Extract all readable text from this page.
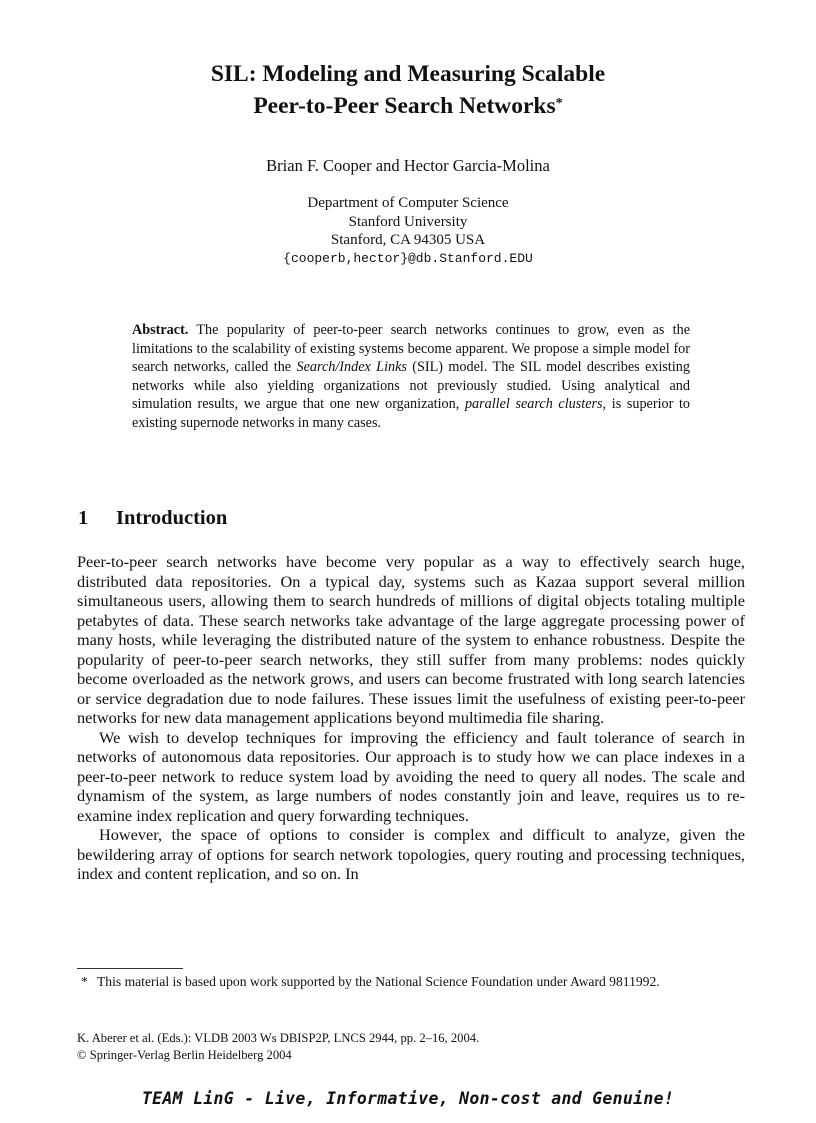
SIL: Modeling and Measuring Scalable
Peer-to-Peer Search Networks*
Brian F. Cooper and Hector Garcia-Molina
Department of Computer Science
Stanford University
Stanford, CA 94305 USA
{cooperb,hector}@db.Stanford.EDU
Abstract. The popularity of peer-to-peer search networks continues to grow, even as the limitations to the scalability of existing systems become apparent. We propose a simple model for search networks, called the Search/Index Links (SIL) model. The SIL model describes existing networks while also yielding organizations not previously studied. Using analytical and simulation results, we argue that one new organization, parallel search clusters, is superior to existing supernode networks in many cases.
1 Introduction

Peer-to-peer search networks have become very popular as a way to effectively search huge, distributed data repositories. On a typical day, systems such as Kazaa support several million simultaneous users, allowing them to search hundreds of millions of digital objects totaling multiple petabytes of data. These search networks take advantage of the large aggregate processing power of many hosts, while leveraging the distributed nature of the system to enhance robustness. Despite the popularity of peer-to-peer search networks, they still suffer from many problems: nodes quickly become overloaded as the network grows, and users can become frustrated with long search latencies or service degradation due to node failures. These issues limit the usefulness of existing peer-to-peer networks for new data management applications beyond multimedia file sharing.

We wish to develop techniques for improving the efficiency and fault tolerance of search in networks of autonomous data repositories. Our approach is to study how we can place indexes in a peer-to-peer network to reduce system load by avoiding the need to query all nodes. The scale and dynamism of the system, as large numbers of nodes constantly join and leave, requires us to re-examine index replication and query forwarding techniques.

However, the space of options to consider is complex and difficult to analyze, given the bewildering array of options for search network topologies, query routing and processing techniques, index and content replication, and so on. In

* This material is based upon work supported by the National Science Foundation under Award 9811992.
K. Aberer et al. (Eds.): VLDB 2003 Ws DBISP2P, LNCS 2944, pp. 2–16, 2004.
© Springer-Verlag Berlin Heidelberg 2004
TEAM LinG - Live, Informative, Non-cost and Genuine!
